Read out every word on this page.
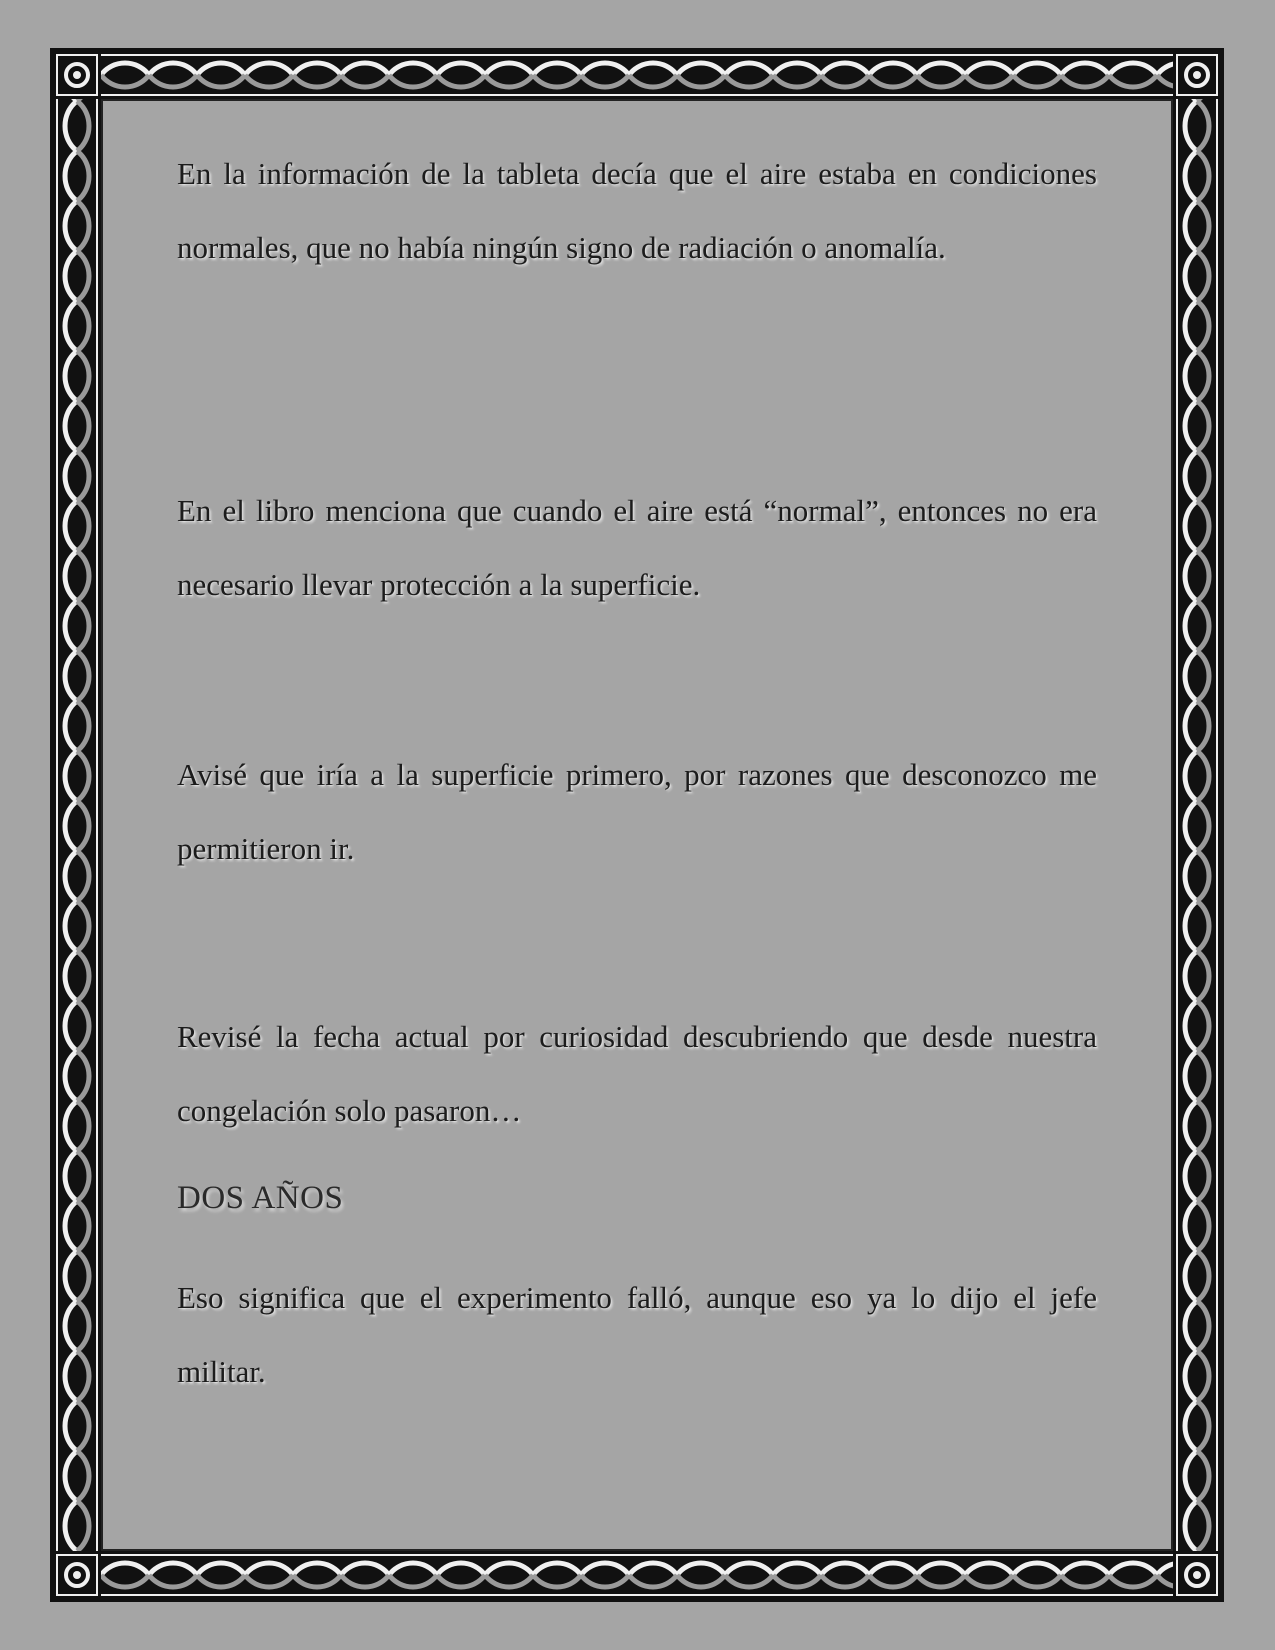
En la información de la tableta decía que el aire estaba en condiciones normales, que no había ningún signo de radiación o anomalía.

En el libro menciona que cuando el aire está “normal”, entonces no era necesario llevar protección a la superficie.

Avisé que iría a la superficie primero, por razones que desconozco me permitieron ir.

Revisé la fecha actual por curiosidad descubriendo que desde nuestra congelación solo pasaron…

DOS AÑOS

Eso significa que el experimento falló, aunque eso ya lo dijo el jefe militar.
